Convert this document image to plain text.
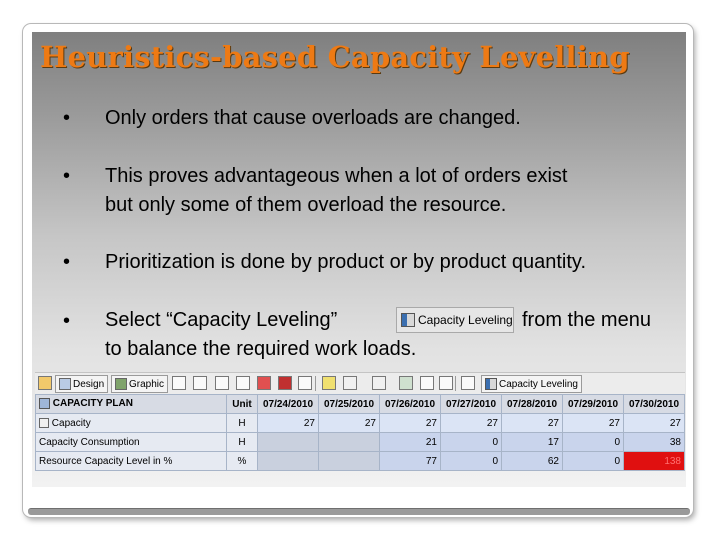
Heuristics-based Capacity Levelling
• Only orders that cause overloads are changed.
• This proves advantageous when a lot of orders exist
but only some of them overload the resource.
• Prioritization is done by product or by product quantity.
• Select “Capacity Leveling”	Capacity Leveling from the menu
to balance the required work loads.
Design Graphic	Capacity Leveling
CAPACITY PLAN	Unit	07/24/2010	07/25/2010	07/26/2010	07/27/2010	07/28/2010	07/29/2010	07/30/2010
Capacity	H	27	27	27	27	27	27	27
Capacity Consumption	H			21	0	17	0	38
Resource Capacity Level in %	%			77	0	62	0	138
